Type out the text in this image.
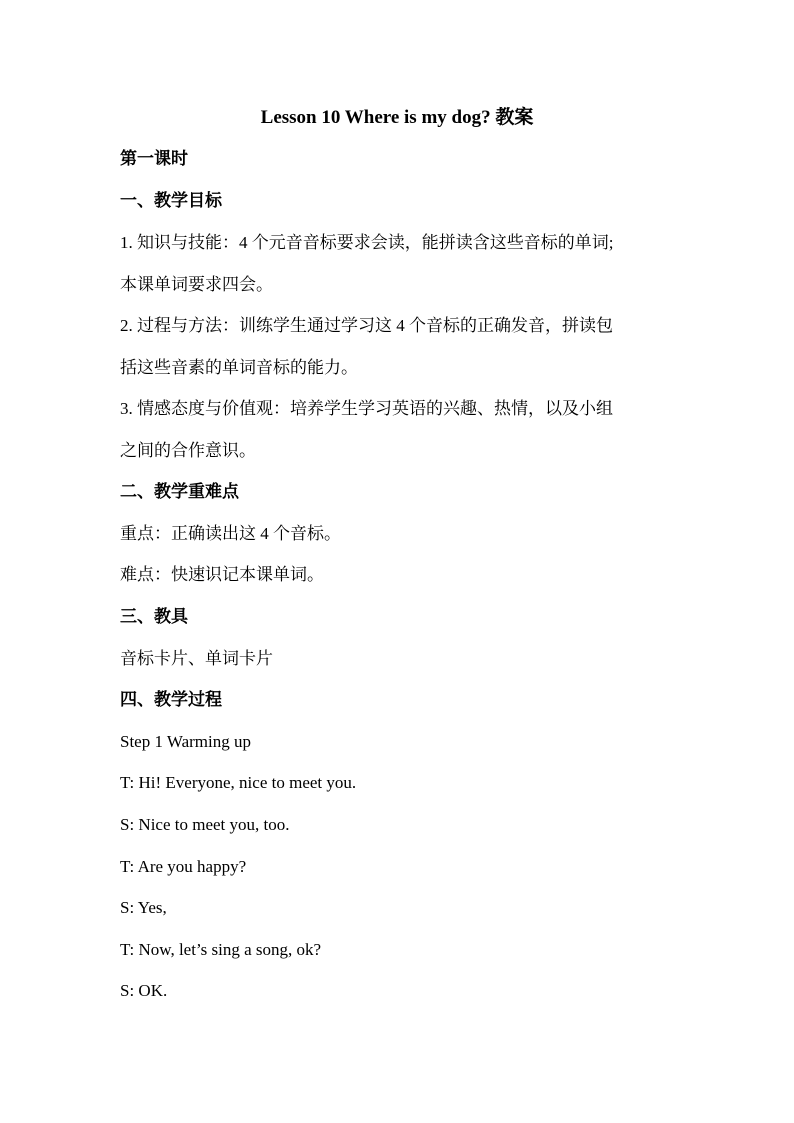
Lesson 10 Where is my dog? 教案
第一课时
一、教学目标
1. 知识与技能：4 个元音音标要求会读，能拼读含这些音标的单词;
本课单词要求四会。
2. 过程与方法：训练学生通过学习这 4 个音标的正确发音，拼读包
括这些音素的单词音标的能力。
3. 情感态度与价值观：培养学生学习英语的兴趣、热情，以及小组
之间的合作意识。
二、教学重难点
重点：正确读出这 4 个音标。
难点：快速识记本课单词。
三、教具
音标卡片、单词卡片
四、教学过程
Step 1 Warming up
T: Hi! Everyone, nice to meet you.
S: Nice to meet you, too.
T: Are you happy?
S: Yes,
T: Now, let’s sing a song, ok?
S: OK.
